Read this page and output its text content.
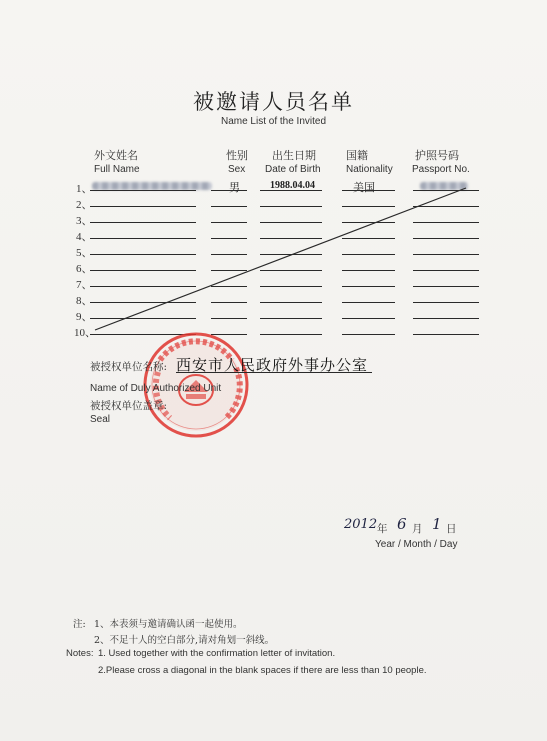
被邀请人员名单
Name List of the Invited
外文姓名
Full Name
性别
Sex
出生日期
Date of Birth
国籍
Nationality
护照号码
Passport No.
1、
2、
3、
4、
5、
6、
7、
8、
9、
10、
男	1988.04.04	美国
被授权单位名称: 西安市人民政府外事办公室
Name of Duly Authorized Unit
被授权单位盖章:
Seal
2012 年 6 月 1 日
Year / Month / Day
注: 1、本表须与邀请确认函一起使用。
2、不足十人的空白部分,请对角划一斜线。
Notes: 1. Used together with the confirmation letter of invitation.
2.Please cross a diagonal in the blank spaces if there are less than 10 people.
